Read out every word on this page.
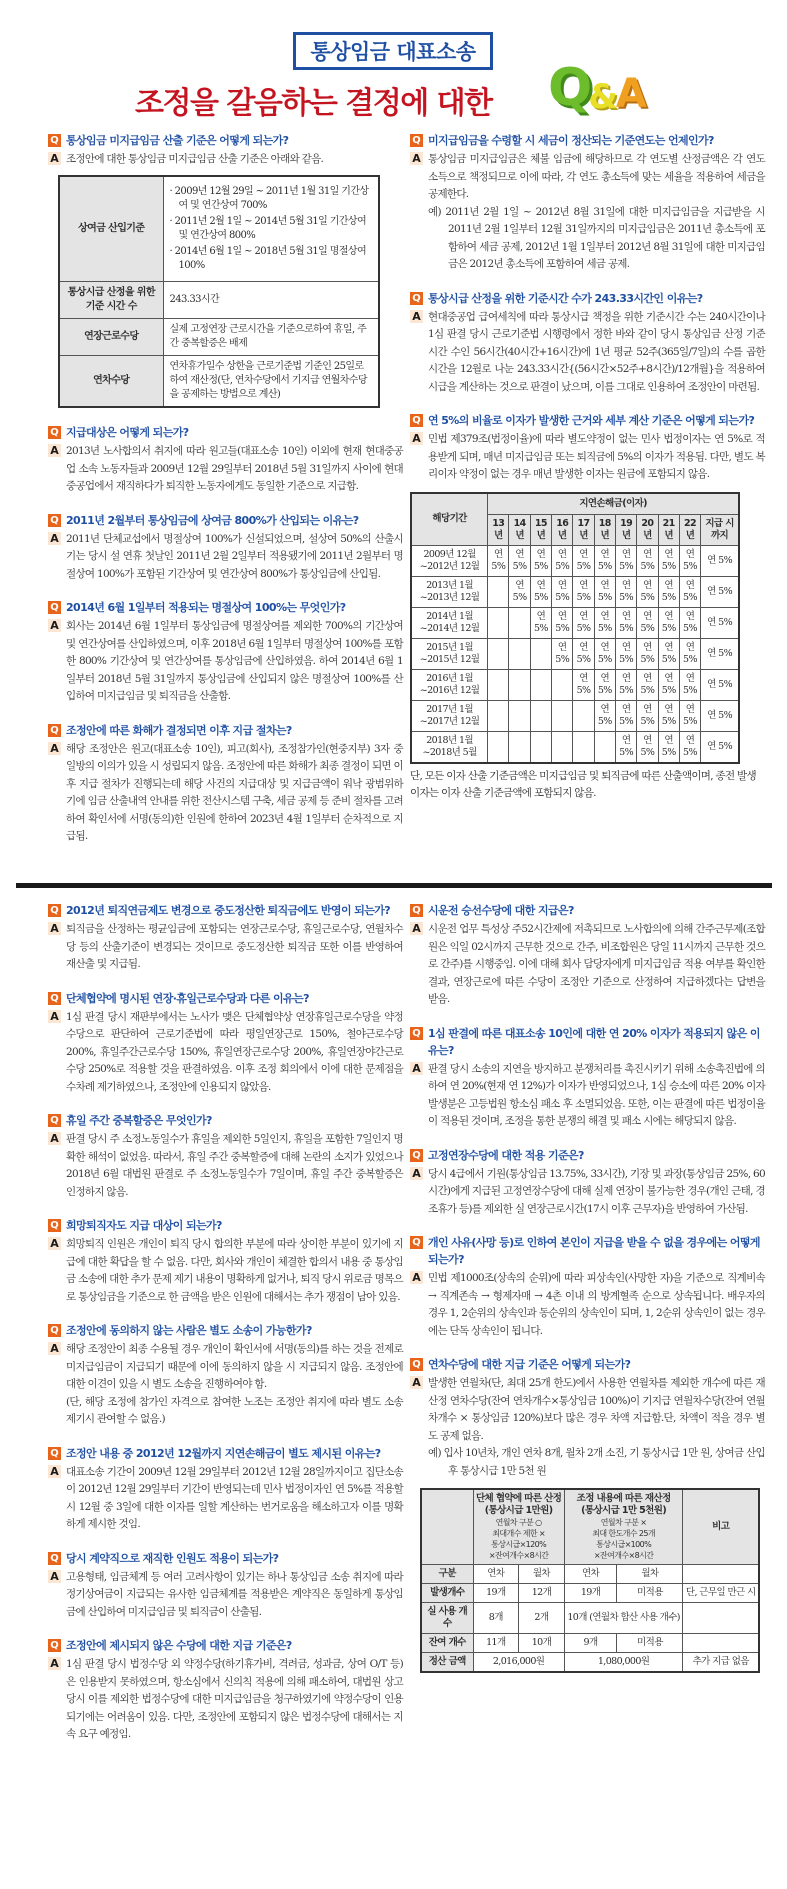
통상임금 대표소송
조정을 갈음하는 결정에 대한 Q
&
A
Q 통상임금 미지급임금 산출 기준은 어떻게 되는가?
A 조정안에 대한 통상임금 미지급임금 산출 기준은 아래와 같음.

상여금 산입기준	· 2009년 12월 29일 ~ 2011년 1월 31일 기간상여 및 연간상여 700%
· 2011년 2월 1일 ~ 2014년 5월 31일 기간상여 및 연간상여 800%
· 2014년 6월 1일 ~ 2018년 5월 31일 명절상여 100%

통상시급 산정을 위한 기준 시간 수	243.33시간
연장근로수당	실제 고정연장 근로시간을 기준으로하여 휴일, 주간 중복할증은 배제
연차수당	연차휴가일수 상한을 근로기준법 기준인 25일로 하여 재산정(단, 연차수당에서 기지급 연월차수당을 공제하는 방법으로 계산)
Q 지급대상은 어떻게 되는가?
A 2013년 노사합의서 취지에 따라 원고들(대표소송 10인) 이외에 현재 현대중공업 소속 노동자들과 2009년 12월 29일부터 2018년 5월 31일까지 사이에 현대중공업에서 재직하다가 퇴직한 노동자에게도 동일한 기준으로 지급함.

Q 2011년 2월부터 통상임금에 상여금 800%가 산입되는 이유는?
A 2011년 단체교섭에서 명절상여 100%가 신설되었으며, 설상여 50%의 산출시기는 당시 설 연휴 첫날인 2011년 2월 2일부터 적용됐기에 2011년 2월부터 명절상여 100%가 포함된 기간상여 및 연간상여 800%가 통상임금에 산입됨.

Q 2014년 6월 1일부터 적용되는 명절상여 100%는 무엇인가?
A 회사는 2014년 6월 1일부터 통상임금에 명절상여를 제외한 700%의 기간상여 및 연간상여를 산입하였으며, 이후 2018년 6월 1일부터 명절상여 100%를 포함한 800% 기간상여 및 연간상여를 통상임금에 산입하였음. 하여 2014년 6월 1일부터 2018년 5월 31일까지 통상임금에 산입되지 않은 명절상여 100%를 산입하여 미지급임금 및 퇴직금을 산출함.

Q 조정안에 따른 화해가 결정되면 이후 지급 절차는?
A 해당 조정안은 원고(대표소송 10인), 피고(회사), 조정참가인(현중지부) 3자 중 일방의 이의가 있을 시 성립되지 않음. 조정안에 따른 화해가 최종 결정이 되면 이후 지급 절차가 진행되는데 해당 사건의 지급대상 및 지급금액이 워낙 광범위하기에 임금 산출내역 안내를 위한 전산시스템 구축, 세금 공제 등 준비 절차를 고려하여 확인서에 서명(동의)한 인원에 한하여 2023년 4월 1일부터 순차적으로 지급됨.

Q 미지급임금을 수령할 시 세금이 정산되는 기준연도는 언제인가?
A 통상임금 미지급임금은 체불 임금에 해당하므로 각 연도별 산정금액은 각 연도 소득으로 책정되므로 이에 따라, 각 연도 총소득에 맞는 세율을 적용하여 세금을 공제한다.

예) 2011년 2월 1일 ~ 2012년 8월 31일에 대한 미지급임금을 지급받을 시 2011년 2월 1일부터 12월 31일까지의 미지급임금은 2011년 총소득에 포함하여 세금 공제, 2012년 1월 1일부터 2012년 8월 31일에 대한 미지급임금은 2012년 총소득에 포함하여 세금 공제.

Q 통상시급 산정을 위한 기준시간 수가 243.33시간인 이유는?
A 현대중공업 급여세칙에 따라 통상시급 책정을 위한 기준시간 수는 240시간이나 1심 판결 당시 근로기준법 시행령에서 정한 바와 같이 당시 통상임금 산정 기준시간 수인 56시간(40시간+16시간)에 1년 평균 52주(365일/7일)의 수를 곱한 시간을 12월로 나눈 243.33시간{(56시간×52주+8시간)/12개월}을 적용하여 시급을 계산하는 것으로 판결이 났으며, 이를 그대로 인용하여 조정안이 마련됨.

Q 연 5%의 비율로 이자가 발생한 근거와 세부 계산 기준은 어떻게 되는가?
A 민법 제379조(법정이율)에 따라 별도약정이 없는 민사 법정이자는 연 5%로 적용받게 되며, 매년 미지급임금 또는 퇴직금에 5%의 이자가 적용됨. 다만, 별도 복리이자 약정이 없는 경우 매년 발생한 이자는 원금에 포함되지 않음.

해당기간	지연손해금(이자)										
	13년	14년	15년	16년	17년	18년	19년	20년	21년	22년	지급 시까지
2009년 12월 ~2012년 12월	연 5%	연 5%	연 5%	연 5%	연 5%	연 5%	연 5%	연 5%	연 5%	연 5%	연 5%
2013년 1월 ~2013년 12월		연 5%	연 5%	연 5%	연 5%	연 5%	연 5%	연 5%	연 5%	연 5%	연 5%
2014년 1월 ~2014년 12월			연 5%	연 5%	연 5%	연 5%	연 5%	연 5%	연 5%	연 5%	연 5%
2015년 1월 ~2015년 12월				연 5%	연 5%	연 5%	연 5%	연 5%	연 5%	연 5%	연 5%
2016년 1월 ~2016년 12월					연 5%	연 5%	연 5%	연 5%	연 5%	연 5%	연 5%
2017년 1월 ~2017년 12월						연 5%	연 5%	연 5%	연 5%	연 5%	연 5%
2018년 1월 ~2018년 5월							연 5%	연 5%	연 5%	연 5%	연 5%
단, 모든 이자 산출 기준금액은 미지급임금 및 퇴직금에 따른 산출액이며, 종전 발생 이자는 이자 산출 기준금액에 포함되지 않음.
Q 2012년 퇴직연금제도 변경으로 중도정산한 퇴직금에도 반영이 되는가?
A 퇴직금을 산정하는 평균임금에 포함되는 연장근로수당, 휴일근로수당, 연월차수당 등의 산출기준이 변경되는 것이므로 중도정산한 퇴직금 또한 이를 반영하여 재산출 및 지급됨.

Q 단체협약에 명시된 연장·휴일근로수당과 다른 이유는?
A 1심 판결 당시 재판부에서는 노사가 맺은 단체협약상 연장휴일근로수당을 약정수당으로 판단하여 근로기준법에 따라 평일연장근로 150%, 철야근로수당 200%, 휴일주간근로수당 150%, 휴일연장근로수당 200%, 휴일연장야간근로수당 250%로 적용할 것을 판결하였음. 이후 조정 회의에서 이에 대한 문제점을 수차례 제기하였으나, 조정안에 인용되지 않았음.

Q 휴일 주간 중복할증은 무엇인가?
A 판결 당시 주 소정노동일수가 휴일을 제외한 5일인지, 휴일을 포함한 7일인지 명확한 해석이 없었음. 따라서, 휴일 주간 중복할증에 대해 논란의 소지가 있었으나 2018년 6월 대법원 판결로 주 소정노동일수가 7일이며, 휴일 주간 중복할증은 인정하지 않음.

Q 희망퇴직자도 지급 대상이 되는가?
A 희망퇴직 인원은 개인이 퇴직 당시 합의한 부분에 따라 상이한 부분이 있기에 지급에 대한 확답을 할 수 없음. 다만, 회사와 개인이 체결한 합의서 내용 중 통상임금 소송에 대한 추가 문제 제기 내용이 명확하게 없거나, 퇴직 당시 위로금 명목으로 통상임금을 기준으로 한 금액을 받은 인원에 대해서는 추가 쟁점이 남아 있음.

Q 조정안에 동의하지 않는 사람은 별도 소송이 가능한가?
A 해당 조정안이 최종 수용될 경우 개인이 확인서에 서명(동의)를 하는 것을 전제로 미지급임금이 지급되기 때문에 이에 동의하지 않을 시 지급되지 않음. 조정안에 대한 이견이 있을 시 별도 소송을 진행하여야 함.

(단, 해당 조정에 참가인 자격으로 참여한 노조는 조정안 취지에 따라 별도 소송 제기시 관여할 수 없음.)

Q 조정안 내용 중 2012년 12월까지 지연손해금이 별도 제시된 이유는?
A 대표소송 기간이 2009년 12월 29일부터 2012년 12월 28일까지이고 집단소송이 2012년 12월 29일부터 기간이 반영되는데 민사 법정이자인 연 5%를 적용할 시 12월 중 3일에 대한 이자를 일할 계산하는 번거로움을 해소하고자 이를 명확하게 제시한 것임.

Q 당시 계약직으로 재직한 인원도 적용이 되는가?
A 고용형태, 임금체계 등 여러 고려사항이 있기는 하나 통상임금 소송 취지에 따라 정기상여금이 지급되는 유사한 임금체계를 적용받은 계약직은 동일하게 통상임금에 산입하여 미지급임금 및 퇴직금이 산출됨.

Q 조정안에 제시되지 않은 수당에 대한 지급 기준은?
A 1심 판결 당시 법정수당 외 약정수당(하기휴가비, 격려금, 성과금, 상여 O/T 등)은 인용받지 못하였으며, 항소심에서 신의칙 적용에 의해 패소하여, 대법원 상고 당시 이를 제외한 법정수당에 대한 미지급임금을 청구하였기에 약정수당이 인용되기에는 어려움이 있음. 다만, 조정안에 포함되지 않은 법정수당에 대해서는 지속 요구 예정임.

Q 시운전 승선수당에 대한 지급은?
A 시운전 업무 특성상 주52시간제에 저촉되므로 노사합의에 의해 간주근무제(조합원은 익일 02시까지 근무한 것으로 간주, 비조합원은 당일 11시까지 근무한 것으로 간주)를 시행중임. 이에 대해 회사 담당자에게 미지급임금 적용 여부를 확인한 결과, 연장근로에 따른 수당이 조정안 기준으로 산정하여 지급하겠다는 답변을 받음.

Q 1심 판결에 따른 대표소송 10인에 대한 연 20% 이자가 적용되지 않은 이유는?
A 판결 당시 소송의 지연을 방지하고 분쟁처리를 촉진시키기 위해 소송촉진법에 의하여 연 20%(현재 연 12%)가 이자가 반영되었으나, 1심 승소에 따른 20% 이자발생분은 고등법원 항소심 패소 후 소멸되었음. 또한, 이는 판결에 따른 법정이율이 적용된 것이며, 조정을 통한 분쟁의 해결 및 패소 시에는 해당되지 않음.

Q 고정연장수당에 대한 적용 기준은?
A 당시 4급에서 기원(통상임금 13.75%, 33시간), 기장 및 과장(통상임금 25%, 60시간)에게 지급된 고정연장수당에 대해 실제 연장이 불가능한 경우(개인 근태, 경조휴가 등)를 제외한 실 연장근로시간(17시 이후 근무자)을 반영하여 가산됨.

Q 개인 사유(사망 등)로 인하여 본인이 지급을 받을 수 없을 경우에는 어떻게 되는가?
A 민법 제1000조(상속의 순위)에 따라 피상속인(사망한 자)을 기준으로 직계비속 → 직계존속 → 형제자매 → 4촌 이내 의 방계혈족 순으로 상속됩니다. 배우자의 경우 1, 2순위의 상속인과 동순위의 상속인이 되며, 1, 2순위 상속인이 없는 경우에는 단독 상속인이 됩니다.

Q 연차수당에 대한 지급 기준은 어떻게 되는가?
A 발생한 연월차(단, 최대 25개 한도)에서 사용한 연월차를 제외한 개수에 따른 재산정 연차수당(잔여 연차개수×통상임금 100%)이 기지급 연월차수당(잔여 연월차개수 × 통상임금 120%)보다 많은 경우 차액 지급함.단, 차액이 적을 경우 별도 공제 없음.

예) 입사 10년차, 개인 연차 8개, 월차 2개 소진, 기 통상시급 1만 원, 상여금 산입 후 통상시급 1만 5천 원

	단체 협약에 따른 산정
(통상시급 1만원)
연월차 구분 ○
최대개수 제한 ×
통상시급×120%
×잔여개수×8시간
	조정 내용에 따른 재산정
(통상시급 1만 5천원)
연월차 구분 ×
최대 한도개수 25개
통상시급×100%
×잔여개수×8시간
	비고
구분	연차	월차	연차	월차	
발생개수	19개	12개	19개	미적용	단, 근무일 만근 시
실 사용 개수	8개	2개	10개 (연월차 합산 사용 개수)		
잔여 개수	11개	10개	9개	미적용	
정산 금액	2,016,000원		1,080,000원		추가 지급 없음
